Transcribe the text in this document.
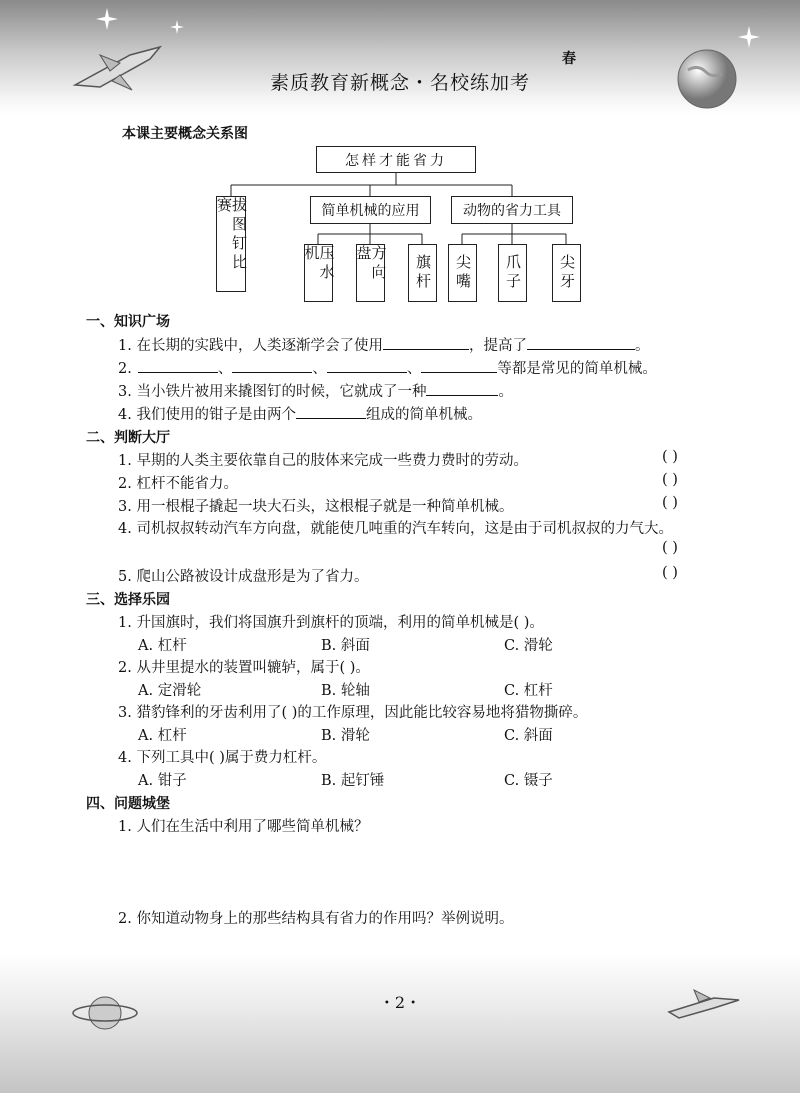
素质教育新概念・名校练加考
春
本课主要概念关系图
怎样才能省力
拔图钉比赛	简单机械的应用	动物的省力工具
压水机	方向盘	旗杆	尖嘴	爪子	尖牙
一、知识广场
1. 在长期的实践中，人类逐渐学会了使用	，提高了	。
2.	、	、	、	等都是常见的简单机械。
3. 当小铁片被用来撬图钉的时候，它就成了一种	。
4. 我们使用的钳子是由两个	组成的简单机械。
二、判断大厅
1. 早期的人类主要依靠自己的肢体来完成一些费力费时的劳动。	( )
2. 杠杆不能省力。	( )
3. 用一根棍子撬起一块大石头，这根棍子就是一种简单机械。	( )
4. 司机叔叔转动汽车方向盘，就能使几吨重的汽车转向，这是由于司机叔叔的力气大。
( )
5. 爬山公路被设计成盘形是为了省力。	( )
三、选择乐园
1. 升国旗时，我们将国旗升到旗杆的顶端，利用的简单机械是( )。
A. 杠杆	B. 斜面	C. 滑轮
2. 从井里提水的装置叫辘轳，属于( )。
A. 定滑轮	B. 轮轴	C. 杠杆
3. 猎豹锋利的牙齿利用了( )的工作原理，因此能比较容易地将猎物撕碎。
A. 杠杆	B. 滑轮	C. 斜面
4. 下列工具中( )属于费力杠杆。
A. 钳子	B. 起钉锤	C. 镊子
四、问题城堡
1. 人们在生活中利用了哪些简单机械？
2. 你知道动物身上的那些结构具有省力的作用吗？举例说明。
・2・
